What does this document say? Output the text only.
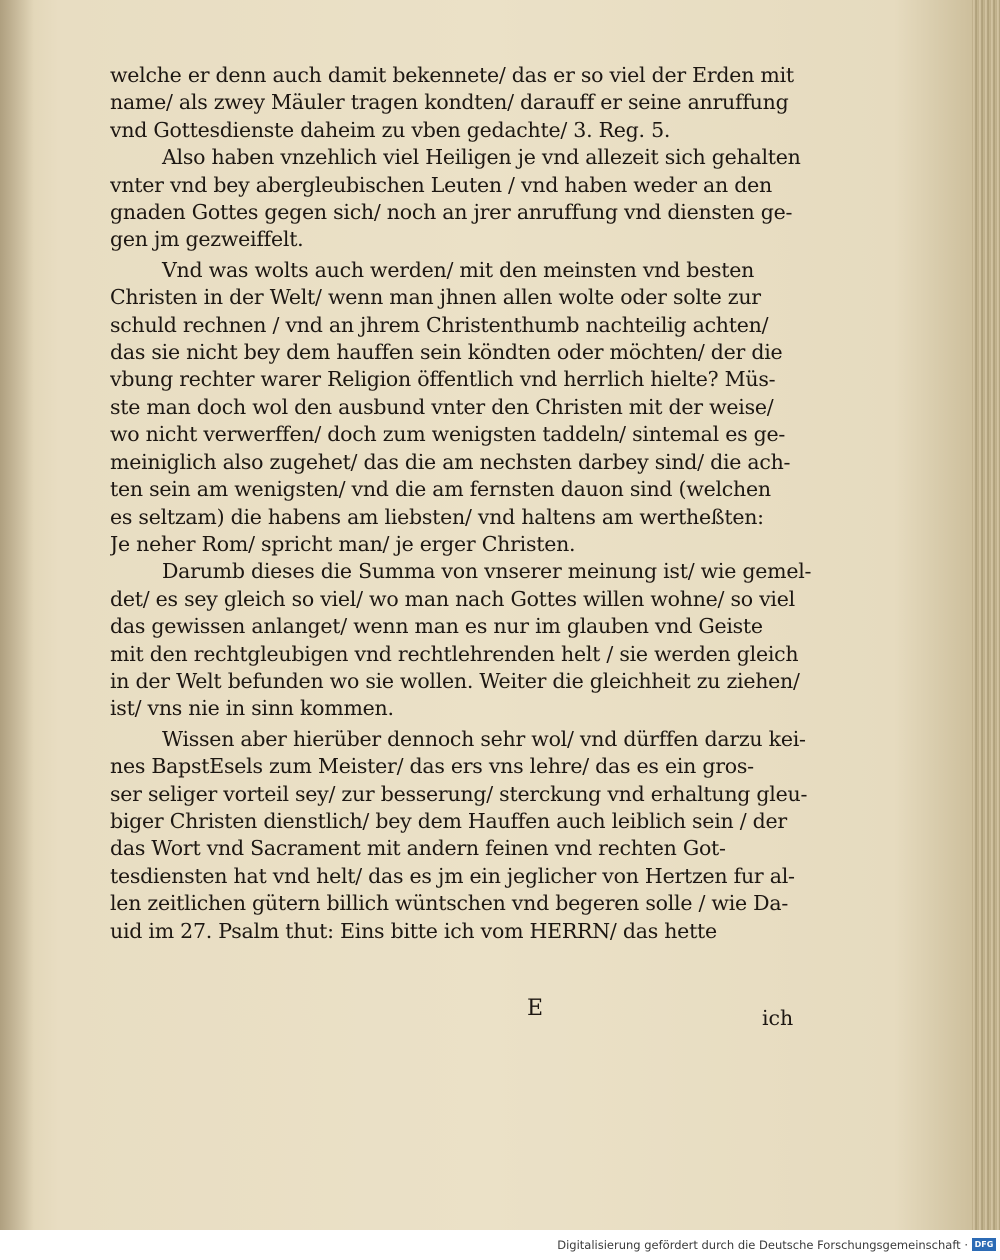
welche er denn auch damit bekennete/ das er so viel der Erden mit
name/ als zwey Mäuler tragen kondten/ darauff er seine anruffung
vnd Gottesdienste daheim zu vben gedachte/ 3. Reg. 5.
Also haben vnzehlich viel Heiligen je vnd allezeit sich gehalten
vnter vnd bey abergleubischen Leuten / vnd haben weder an den
gnaden Gottes gegen sich/ noch an jrer anruffung vnd diensten ge-
gen jm gezweiffelt.
Vnd was wolts auch werden/ mit den meinsten vnd besten
Christen in der Welt/ wenn man jhnen allen wolte oder solte zur
schuld rechnen / vnd an jhrem Christenthumb nachteilig achten/
das sie nicht bey dem hauffen sein köndten oder möchten/ der die
vbung rechter warer Religion öffentlich vnd herrlich hielte? Müs-
ste man doch wol den ausbund vnter den Christen mit der weise/
wo nicht verwerffen/ doch zum wenigsten taddeln/ sintemal es ge-
meiniglich also zugehet/ das die am nechsten darbey sind/ die ach-
ten sein am wenigsten/ vnd die am fernsten dauon sind (welchen
es seltzam) die habens am liebsten/ vnd haltens am wertheßten:
Je neher Rom/ spricht man/ je erger Christen.
Darumb dieses die Summa von vnserer meinung ist/ wie gemel-
det/ es sey gleich so viel/ wo man nach Gottes willen wohne/ so viel
das gewissen anlanget/ wenn man es nur im glauben vnd Geiste
mit den rechtgleubigen vnd rechtlehrenden helt / sie werden gleich
in der Welt befunden wo sie wollen. Weiter die gleichheit zu ziehen/
ist/ vns nie in sinn kommen.
Wissen aber hierüber dennoch sehr wol/ vnd dürffen darzu kei-
nes BapstEsels zum Meister/ das ers vns lehre/ das es ein gros-
ser seliger vorteil sey/ zur besserung/ sterckung vnd erhaltung gleu-
biger Christen dienstlich/ bey dem Hauffen auch leiblich sein / der
das Wort vnd Sacrament mit andern feinen vnd rechten Got-
tesdiensten hat vnd helt/ das es jm ein jeglicher von Hertzen fur al-
len zeitlichen gütern billich wüntschen vnd begeren solle / wie Da-
uid im 27. Psalm thut: Eins bitte ich vom HERRN/ das hette
E	ich
Digitalisierung gefördert durch die Deutsche Forschungsgemeinschaft · DFG
